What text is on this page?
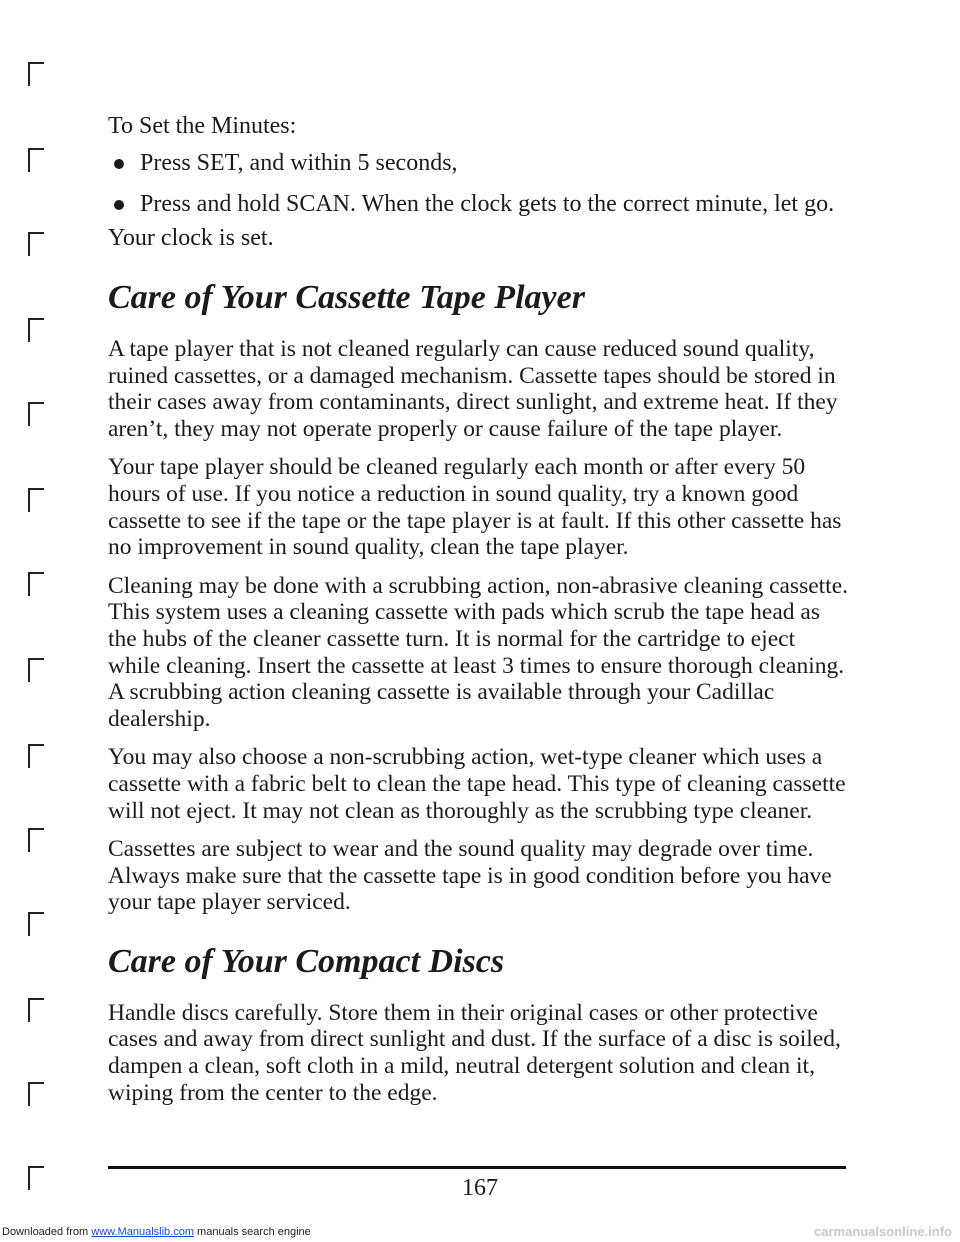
To Set the Minutes:

Press SET, and within 5 seconds,
Press and hold SCAN. When the clock gets to the correct minute, let go.

Your clock is set.

Care of Your Cassette Tape Player

A tape player that is not cleaned regularly can cause reduced sound quality, ruined cassettes, or a damaged mechanism. Cassette tapes should be stored in their cases away from contaminants, direct sunlight, and extreme heat. If they aren’t, they may not operate properly or cause failure of the tape player.

Your tape player should be cleaned regularly each month or after every 50 hours of use. If you notice a reduction in sound quality, try a known good cassette to see if the tape or the tape player is at fault. If this other cassette has no improvement in sound quality, clean the tape player.

Cleaning may be done with a scrubbing action, non-abrasive cleaning cassette. This system uses a cleaning cassette with pads which scrub the tape head as the hubs of the cleaner cassette turn. It is normal for the cartridge to eject while cleaning. Insert the cassette at least 3 times to ensure thorough cleaning. A scrubbing action cleaning cassette is available through your Cadillac dealership.

You may also choose a non-scrubbing action, wet-type cleaner which uses a cassette with a fabric belt to clean the tape head. This type of cleaning cassette will not eject. It may not clean as thoroughly as the scrubbing type cleaner.

Cassettes are subject to wear and the sound quality may degrade over time. Always make sure that the cassette tape is in good condition before you have your tape player serviced.

Care of Your Compact Discs

Handle discs carefully. Store them in their original cases or other protective cases and away from direct sunlight and dust. If the surface of a disc is soiled, dampen a clean, soft cloth in a mild, neutral detergent solution and clean it, wiping from the center to the edge.

167
Downloaded from www.Manualslib.com manuals search engine	carmanualsonline.info
